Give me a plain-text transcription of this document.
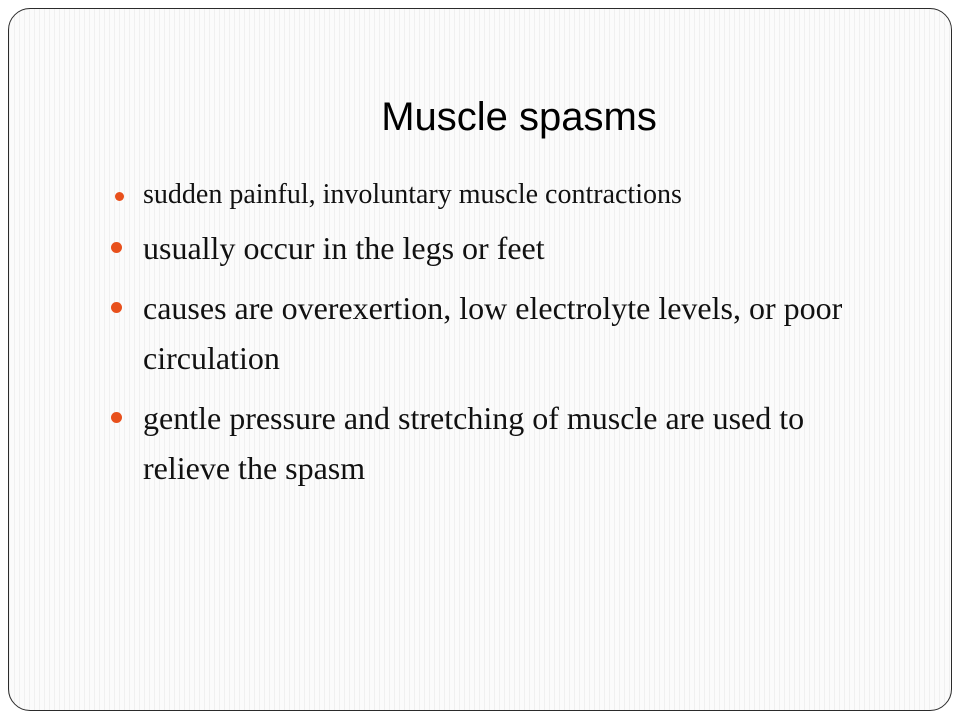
Muscle spasms
sudden painful, involuntary muscle contractions
usually occur in the legs or feet
causes are overexertion, low electrolyte levels, or poor circulation
gentle pressure and stretching of muscle are used to relieve the spasm
